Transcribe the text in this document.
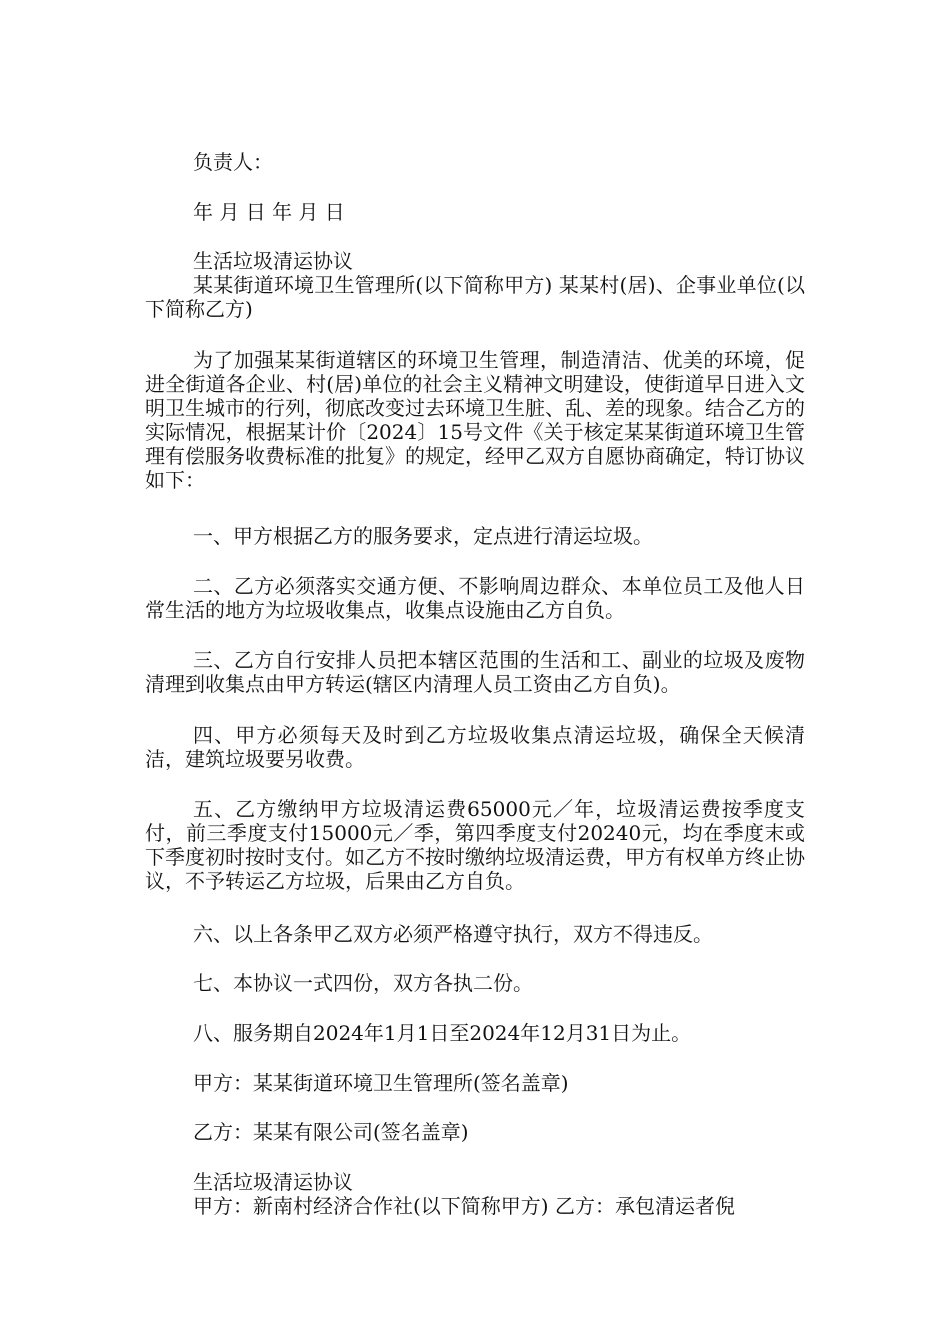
负责人：
年 月 日 年 月 日
生活垃圾清运协议
某某街道环境卫生管理所(以下简称甲方) 某某村(居)、企事业单位(以下简称乙方)
为了加强某某街道辖区的环境卫生管理，制造清洁、优美的环境，促进全街道各企业、村(居)单位的社会主义精神文明建设，使街道早日进入文明卫生城市的行列，彻底改变过去环境卫生脏、乱、差的现象。结合乙方的实际情况，根据某计价〔2024〕15号文件《关于核定某某街道环境卫生管理有偿服务收费标准的批复》的规定，经甲乙双方自愿协商确定，特订协议如下：
一、甲方根据乙方的服务要求，定点进行清运垃圾。
二、乙方必须落实交通方便、不影响周边群众、本单位员工及他人日常生活的地方为垃圾收集点，收集点设施由乙方自负。
三、乙方自行安排人员把本辖区范围的生活和工、副业的垃圾及废物清理到收集点由甲方转运(辖区内清理人员工资由乙方自负)。
四、甲方必须每天及时到乙方垃圾收集点清运垃圾，确保全天候清洁，建筑垃圾要另收费。
五、乙方缴纳甲方垃圾清运费65000元／年，垃圾清运费按季度支付，前三季度支付15000元／季，第四季度支付20240元，均在季度末或下季度初时按时支付。如乙方不按时缴纳垃圾清运费，甲方有权单方终止协议，不予转运乙方垃圾，后果由乙方自负。
六、以上各条甲乙双方必须严格遵守执行，双方不得违反。
七、本协议一式四份，双方各执二份。
八、服务期自2024年1月1日至2024年12月31日为止。
甲方：某某街道环境卫生管理所(签名盖章)
乙方：某某有限公司(签名盖章)
生活垃圾清运协议
甲方：新南村经济合作社(以下简称甲方) 乙方：承包清运者倪
